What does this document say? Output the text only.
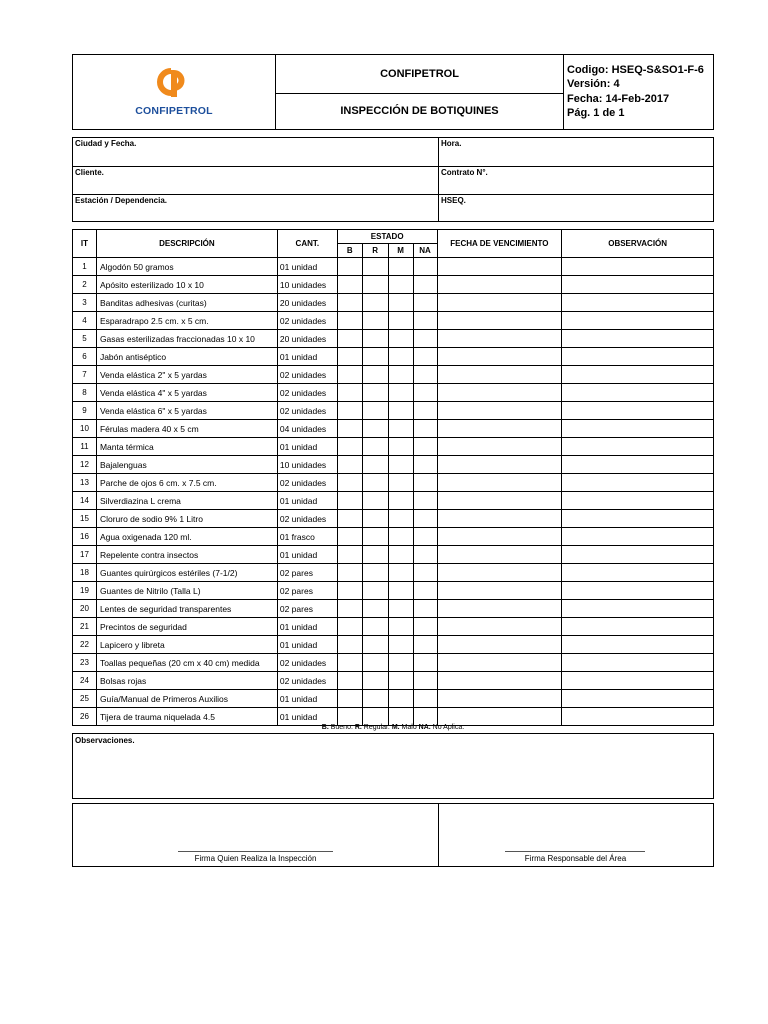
CONFIPETROL
	CONFIPETROL	Codigo: HSEQ-S&SO1-F-6
Versión: 4
Fecha: 14-Feb-2017
Pág. 1 de 1

INSPECCIÓN DE BOTIQUINES
Ciudad y Fecha.	Hora.
Cliente.	Contrato N°.
Estación / Dependencia.	HSEQ.
IT	DESCRIPCIÓN	CANT.	ESTADO				FECHA DE VENCIMIENTO	OBSERVACIÓN
			B	R	M	NA		
1	Algodón 50 gramos	01 unidad						
2	Apósito esterilizado 10 x 10	10 unidades						
3	Banditas adhesivas (curitas)	20 unidades						
4	Esparadrapo 2.5 cm. x 5 cm.	02 unidades						
5	Gasas esterilizadas fraccionadas 10 x 10	20 unidades						
6	Jabón antiséptico	01 unidad						
7	Venda elástica 2" x 5 yardas	02 unidades						
8	Venda elástica 4" x 5 yardas	02 unidades						
9	Venda elástica 6" x 5 yardas	02 unidades						
10	Férulas madera 40 x 5 cm	04 unidades						
11	Manta térmica	01 unidad						
12	Bajalenguas	10 unidades						
13	Parche de ojos 6 cm. x 7.5 cm.	02 unidades						
14	Silverdiazina L crema	01 unidad						
15	Cloruro de sodio 9% 1 Litro	02 unidades						
16	Agua oxigenada 120 ml.	01 frasco						
17	Repelente contra insectos	01 unidad						
18	Guantes quirúrgicos estériles (7-1/2)	02 pares						
19	Guantes de Nitrilo (Talla L)	02 pares						
20	Lentes de seguridad transparentes	02 pares						
21	Precintos de seguridad	01 unidad						
22	Lapicero y libreta	01 unidad						
23	Toallas pequeñas (20 cm x 40 cm) medida	02 unidades						
24	Bolsas rojas	02 unidades						
25	Guía/Manual de Primeros Auxilios	01 unidad						
26	Tijera de trauma niquelada 4.5	01 unidad						
B. Bueno. R. Regular. M. Malo NA. No Aplica.
Observaciones.
Firma Quien Realiza la Inspección	Firma Responsable del Área
